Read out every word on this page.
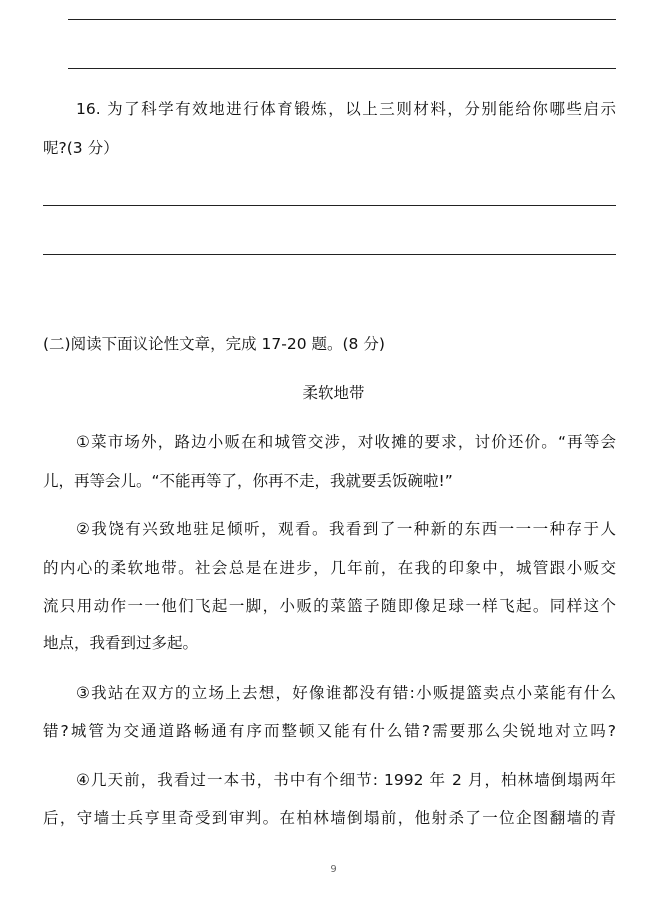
16. 为了科学有效地进行体育锻炼，以上三则材料，分别能给你哪些启示
呢?(3 分）
(二)阅读下面议论性文章，完成 17-20 题。(8 分)
柔软地带
①菜市场外，路边小贩在和城管交涉，对收摊的要求，讨价还价。“再等会
儿，再等会儿。“不能再等了，你再不走，我就要丢饭碗啦!”
②我饶有兴致地驻足倾听，观看。我看到了一种新的东西一一一种存于人
的内心的柔软地带。社会总是在进步，几年前，在我的印象中，城管跟小贩交
流只用动作一一他们飞起一脚，小贩的菜篮子随即像足球一样飞起。同样这个
地点，我看到过多起。
③我站在双方的立场上去想，好像谁都没有错:小贩提篮卖点小菜能有什么
错?城管为交通道路畅通有序而整顿又能有什么错?需要那么尖锐地对立吗?
④几天前，我看过一本书，书中有个细节: 1992 年 2 月，柏林墙倒塌两年
后，守墙士兵亨里奇受到审判。在柏林墙倒塌前，他射杀了一位企图翻墙的青
9
